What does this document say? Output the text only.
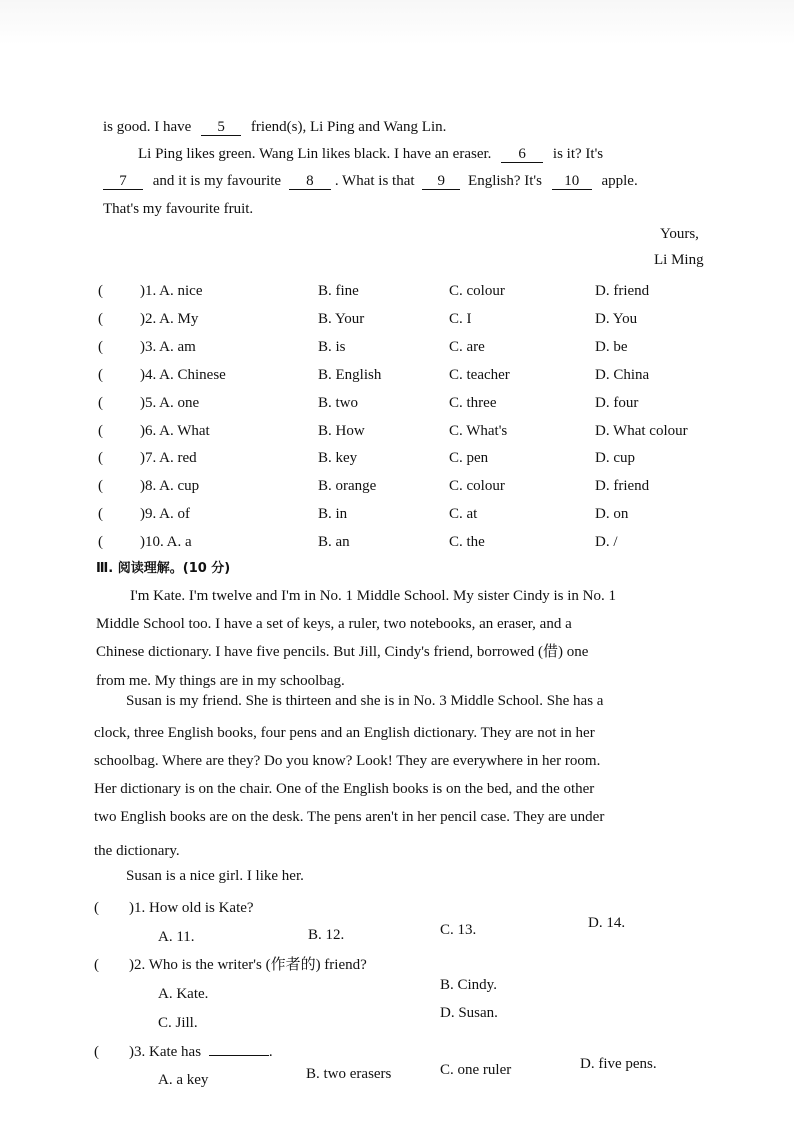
is good. I have 5 friend(s), Li Ping and Wang Lin.
Li Ping likes green. Wang Lin likes black. I have an eraser. 6 is it? It's
7 and it is my favourite 8 . What is that 9 English? It's 10 apple.
That's my favourite fruit.
Yours,
Li Ming
( )1. A. nice	B. fine	C. colour	D. friend
( )2. A. My	B. Your	C. I	D. You
( )3. A. am	B. is	C. are	D. be
( )4. A. Chinese	B. English	C. teacher	D. China
( )5. A. one	B. two	C. three	D. four
( )6. A. What	B. How	C. What's	D. What colour
( )7. A. red	B. key	C. pen	D. cup
( )8. A. cup	B. orange	C. colour	D. friend
( )9. A. of	B. in	C. at	D. on
( )10. A. a	B. an	C. the	D. /
Ⅲ. 阅读理解。(10 分)
I'm Kate. I'm twelve and I'm in No. 1 Middle School. My sister Cindy is in No. 1
Middle School too. I have a set of keys, a ruler, two notebooks, an eraser, and a
Chinese dictionary. I have five pencils. But Jill, Cindy's friend, borrowed (借) one
from me. My things are in my schoolbag.
Susan is my friend. She is thirteen and she is in No. 3 Middle School. She has a
clock, three English books, four pens and an English dictionary. They are not in her
schoolbag. Where are they? Do you know? Look! They are everywhere in her room.
Her dictionary is on the chair. One of the English books is on the bed, and the other
two English books are on the desk. The pens aren't in her pencil case. They are under
the dictionary.
Susan is a nice girl. I like her.
( )1. How old is Kate?
A. 11.	B. 12.	C. 13.	D. 14.
( )2. Who is the writer's (作者的) friend?
A. Kate.
B. Cindy.
C. Jill.
D. Susan.
( )3. Kate has	.
A. a key	B. two erasers	C. one ruler	D. five pens.
